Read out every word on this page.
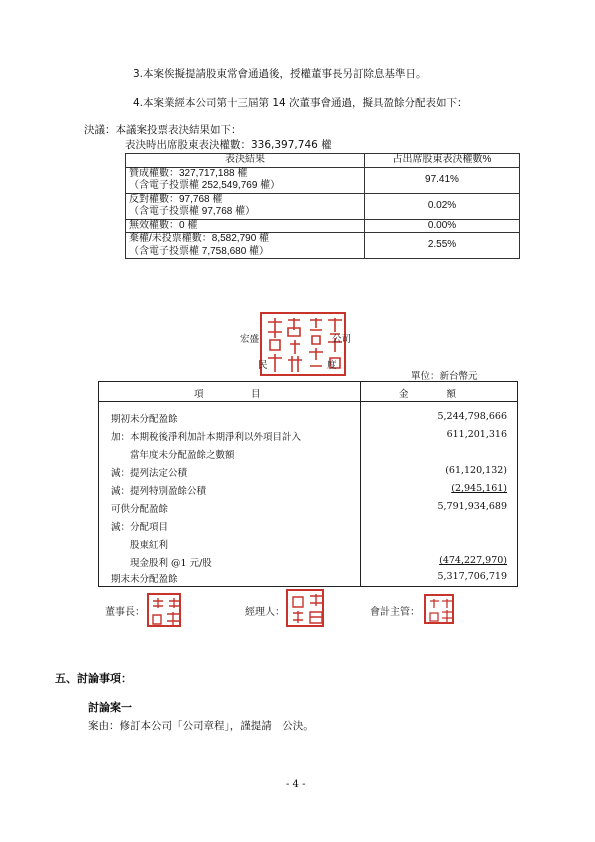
3.本案俟擬提請股東常會通過後，授權董事長另訂除息基準日。
4.本案業經本公司第十三屆第 14 次董事會通過，擬具盈餘分配表如下：
決議：本議案投票表決結果如下：
表決時出席股東表決權數：336,397,746 權
表決結果	占出席股東表決權數%

贊成權數：327,717,188 權
（含電子投票權 252,549,769 權）	97.41%

反對權數：97,768 權
（含電子投票權 97,768 權）	0.02%

無效權數：0 權	0.00%

棄權/未投票權數：8,582,790 權
（含電子投票權 7,758,680 權）	2.55%
宏盛	公司
民	度
單位：新台幣元
項　　　　　目	金　　　　額
期初未分配盈餘	5,244,798,666
加：本期稅後淨利加計本期淨利以外項目計入	611,201,316
　　當年度未分配盈餘之數額
減：提列法定公積	(61,120,132)
減：提列特別盈餘公積	(2,945,161)
可供分配盈餘	5,791,934,689
減：分配項目
　　股東紅利
　　現金股利 @1 元/股	(474,227,970)
期末未分配盈餘	5,317,706,719
董事長：	經理人：	會計主管：
五、討論事項：
討論案一
案由：修訂本公司「公司章程」，謹提請　公決。
- 4 -
